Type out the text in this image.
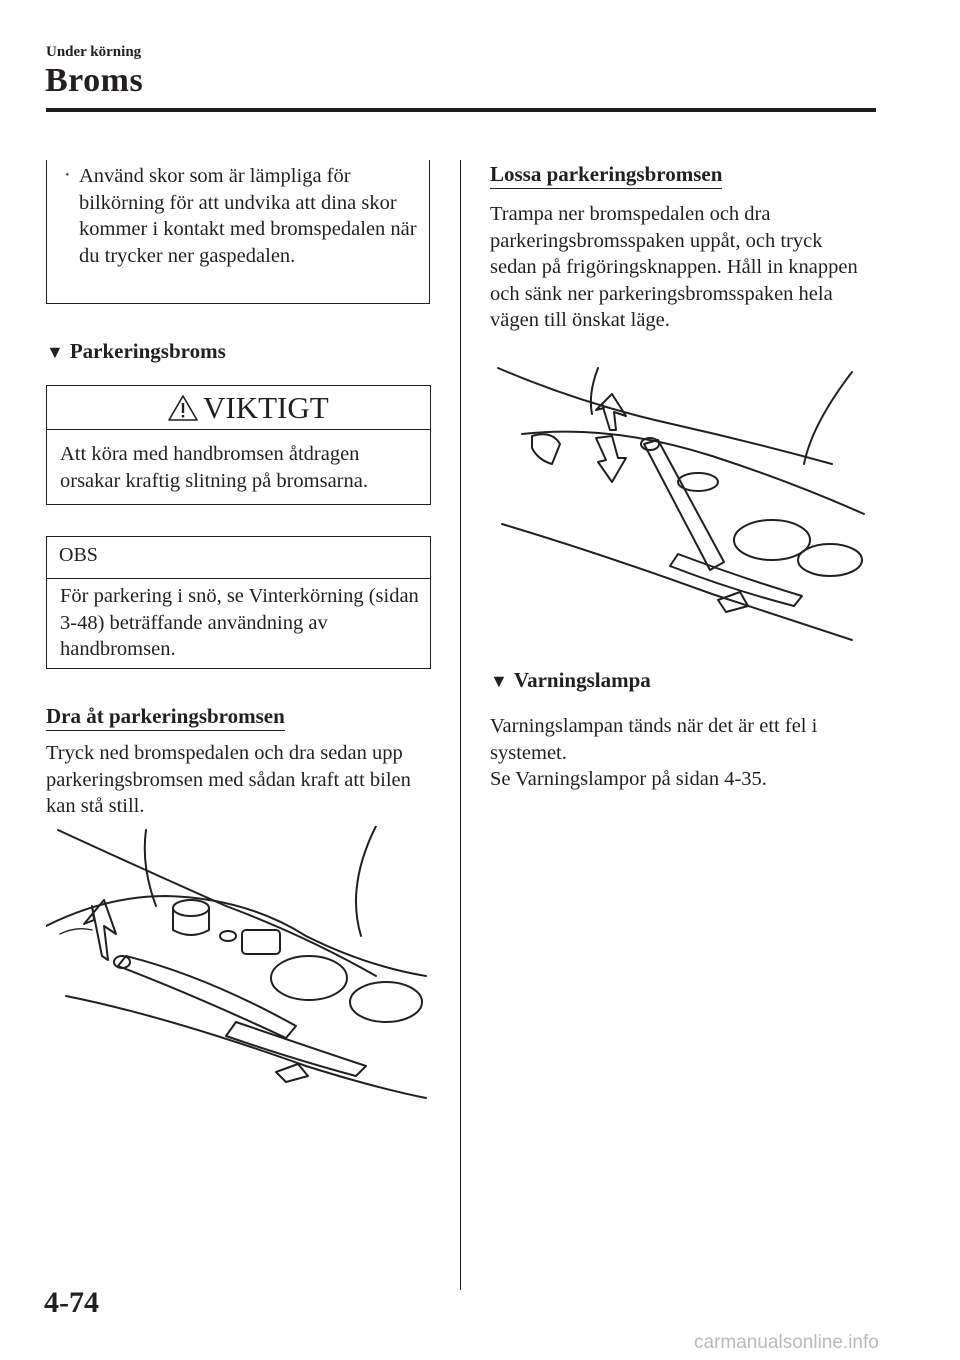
Under körning
Broms
· Använd skor som är lämpliga för bilkörning för att undvika att dina skor kommer i kontakt med bromspedalen när du trycker ner gaspedalen.
▼ Parkeringsbroms
VIKTIGT
Att köra med handbromsen åtdragen orsakar kraftig slitning på bromsarna.
OBS
För parkering i snö, se Vinterkörning (sidan 3-48) beträffande användning av handbromsen.
Dra åt parkeringsbromsen
Tryck ned bromspedalen och dra sedan upp parkeringsbromsen med sådan kraft att bilen kan stå still.
Lossa parkeringsbromsen
Trampa ner bromspedalen och dra parkeringsbromsspaken uppåt, och tryck sedan på frigöringsknappen. Håll in knappen och sänk ner parkeringsbromsspaken hela vägen till önskat läge.
▼ Varningslampa
Varningslampan tänds när det är ett fel i systemet.
Se Varningslampor på sidan 4-35.
4-74
carmanualsonline.info
